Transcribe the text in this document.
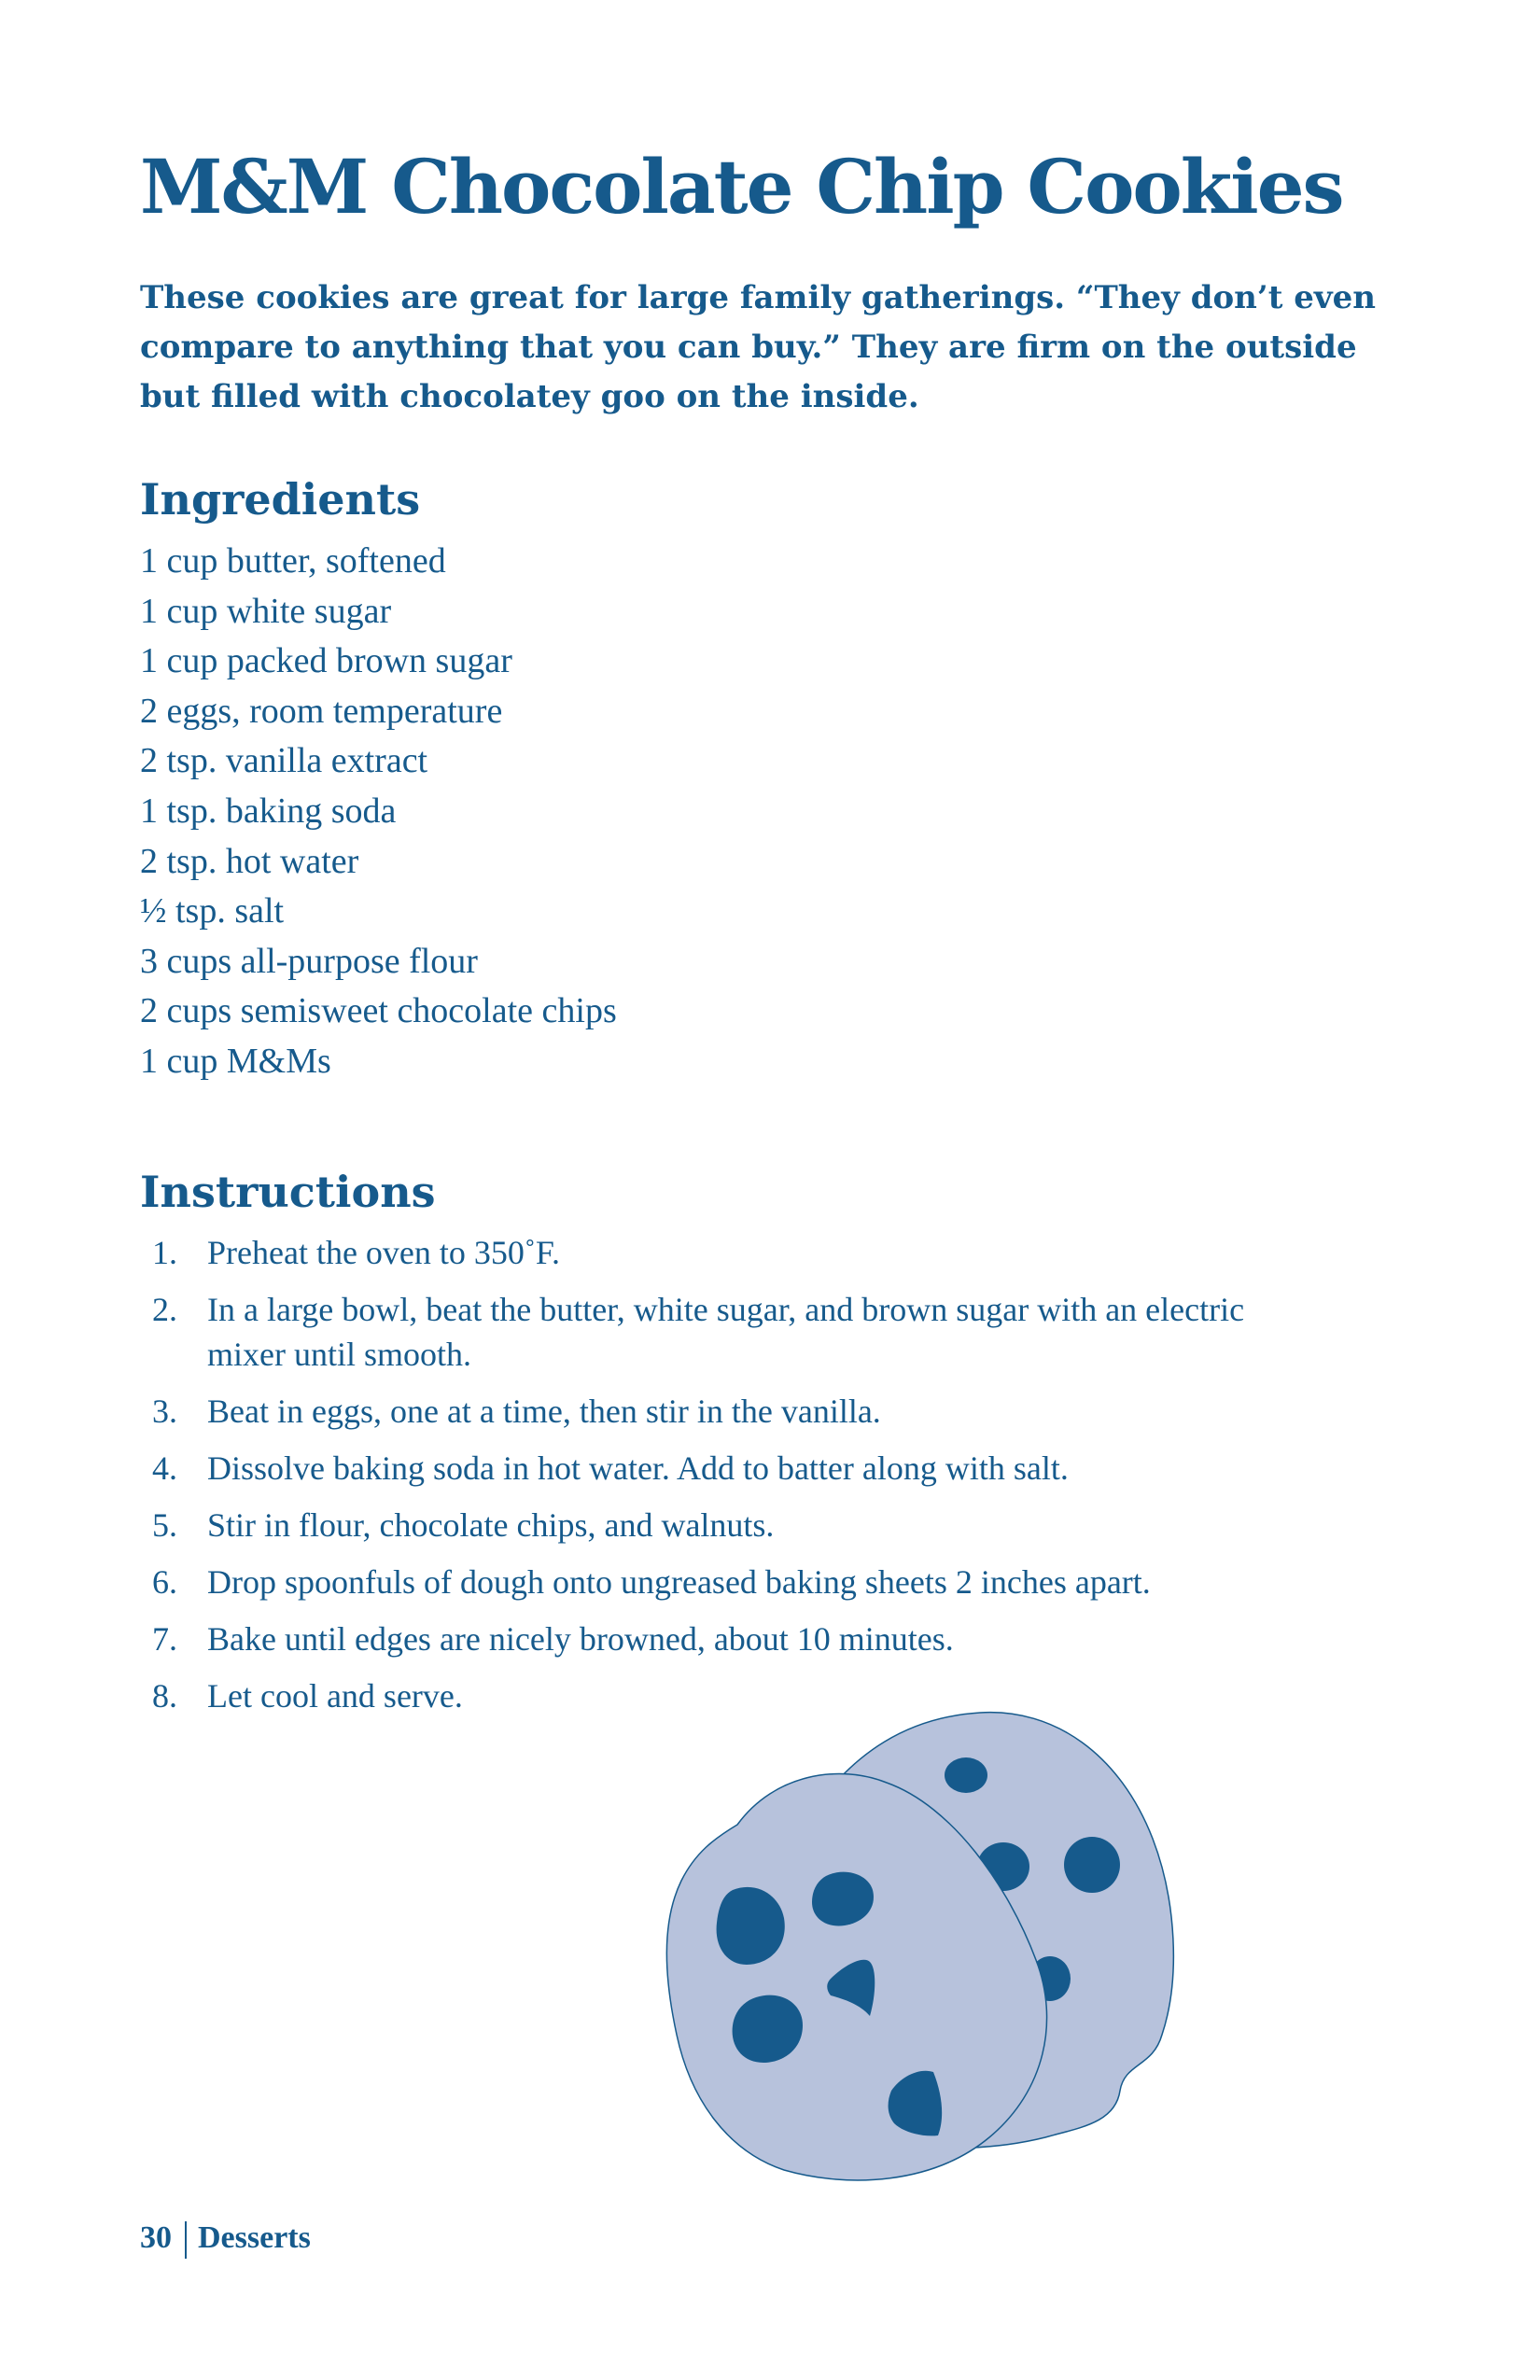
M&M Chocolate Chip Cookies

These cookies are great for large family gatherings. “They don’t even compare to anything that you can buy.” They are firm on the outside but filled with chocolatey goo on the inside.

Ingredients
1 cup butter, softened
1 cup white sugar
1 cup packed brown sugar
2 eggs, room temperature
2 tsp. vanilla extract
1 tsp. baking soda
2 tsp. hot water
½ tsp. salt
3 cups all-purpose flour
2 cups semisweet chocolate chips
1 cup M&Ms
Instructions
1. Preheat the oven to 350˚F.
2. In a large bowl, beat the butter, white sugar, and brown sugar with an electric mixer until smooth.
3. Beat in eggs, one at a time, then stir in the vanilla.
4. Dissolve baking soda in hot water. Add to batter along with salt.
5. Stir in flour, chocolate chips, and walnuts.
6. Drop spoonfuls of dough onto ungreased baking sheets 2 inches apart.
7. Bake until edges are nicely browned, about 10 minutes.
8. Let cool and serve.
30 Desserts
